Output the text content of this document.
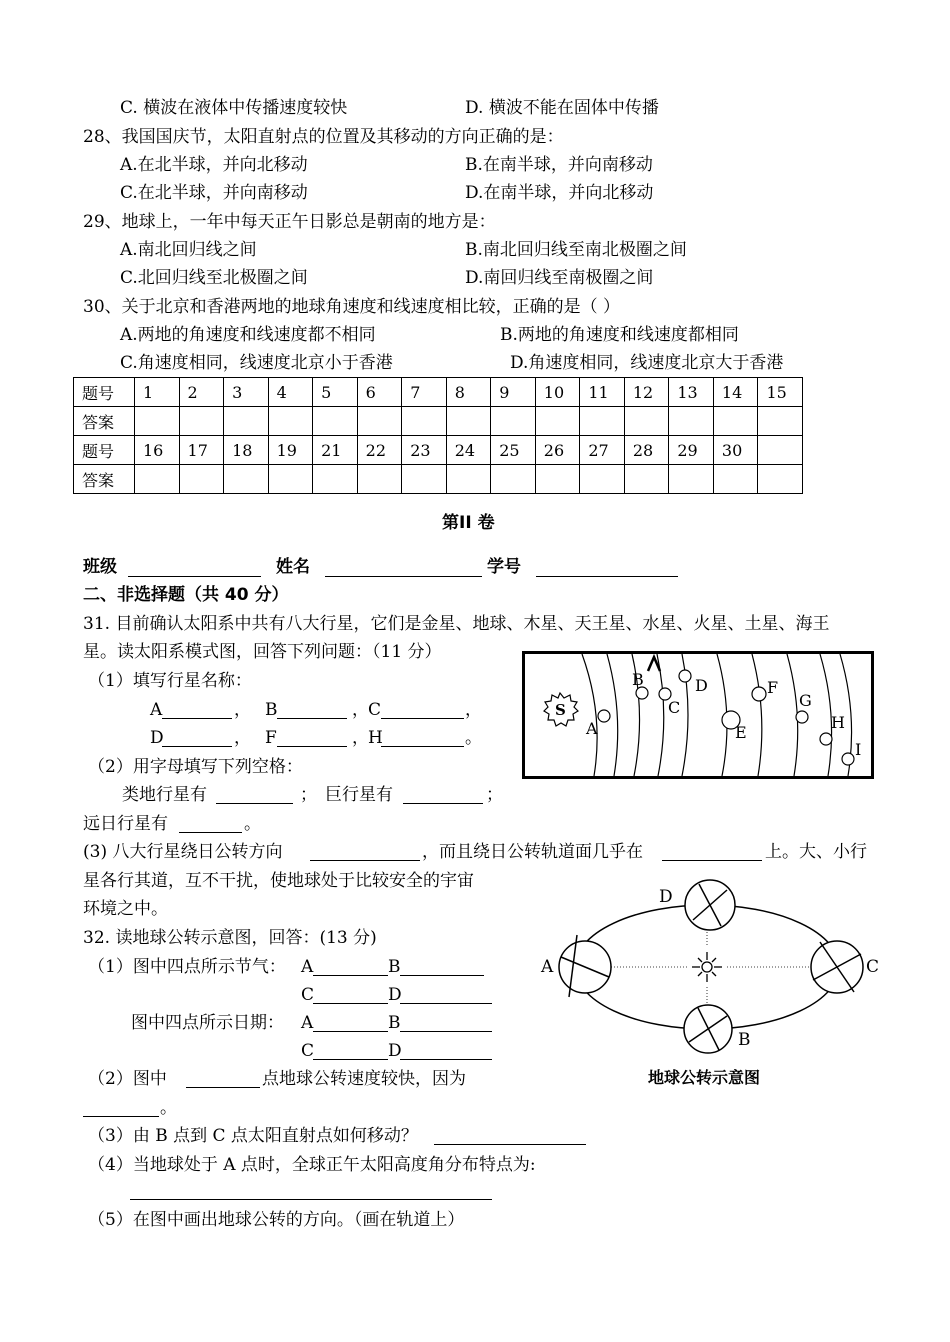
C. 横波在液体中传播速度较快	D. 横波不能在固体中传播
28、我国国庆节，太阳直射点的位置及其移动的方向正确的是：
A.在北半球，并向北移动	B.在南半球，并向南移动
C.在北半球，并向南移动	D.在南半球，并向北移动
29、地球上，一年中每天正午日影总是朝南的地方是：
A.南北回归线之间	B.南北回归线至南北极圈之间
C.北回归线至北极圈之间	D.南回归线至南极圈之间
30、关于北京和香港两地的地球角速度和线速度相比较，正确的是（ ）
A.两地的角速度和线速度都不相同	B.两地的角速度和线速度都相同
C.角速度相同，线速度北京小于香港	D.角速度相同，线速度北京大于香港
题号	1	2	3	4	5	6	7	8	9	10	11	12	13	14	15
答案															
题号	16	17	18	19	21	22	23	24	25	26	27	28	29	30	
答案															
第II 卷
班级	姓名	学号
二、非选择题（共 40 分）
31. 目前确认太阳系中共有八大行星，它们是金星、地球、木星、天王星、水星、火星、土星、海王
星。读太阳系模式图，回答下列问题：（11 分）
（1）填写行星名称：
A	， B	， C	，
D	， F	， H	。
（2）用字母填写下列空格：
类地行星有	； 巨行星有	；
远日行星有	。
(3) 八大行星绕日公转方向	，而且绕日公转轨道面几乎在	上。大、小行
星各行其道，互不干扰，使地球处于比较安全的宇宙
环境之中。
S
A
B
C
D
E
F
G
H
I
32. 读地球公转示意图，回答：(13 分)
（1）图中四点所示节气： A	B
C	D
图中四点所示日期： A	B
C	D
（2）图中	点地球公转速度较快，因为
。
（3）由 B 点到 C 点太阳直射点如何移动？
（4）当地球处于 A 点时，全球正午太阳高度角分布特点为:
（5）在图中画出地球公转的方向。（画在轨道上）
D
A	C
B
地球公转示意图
